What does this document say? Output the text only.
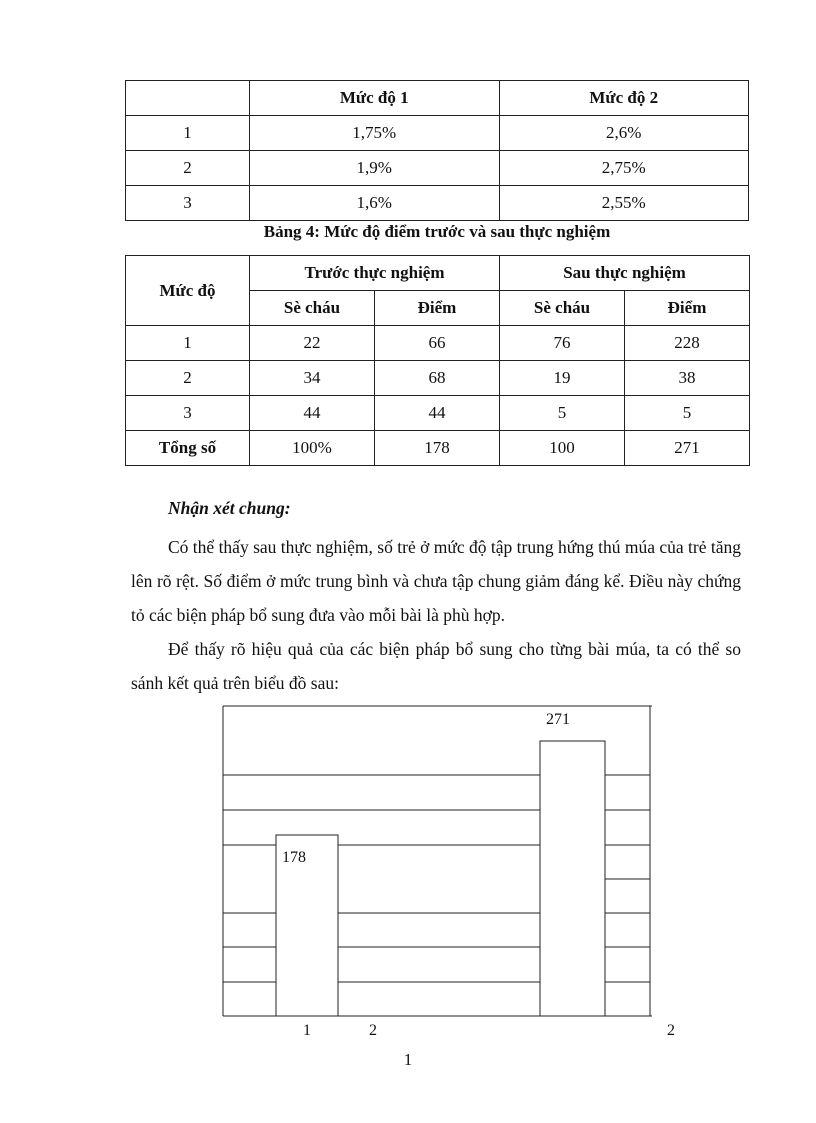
	Mức độ 1	Mức độ 2
1	1,75%	2,6%
2	1,9%	2,75%
3	1,6%	2,55%
Bảng 4: Mức độ điểm trước và sau thực nghiệm
Mức độ	Trước thực nghiệm		Sau thực nghiệm	
	Sè cháu	Điểm	Sè cháu	Điểm
1	22	66	76	228
2	34	68	19	38
3	44	44	5	5
Tổng số	100%	178	100	271
Nhận xét chung:
Có thể thấy sau thực nghiệm, số trẻ ở mức độ tập trung hứng thú múa của trẻ tăng lên rõ rệt. Số điểm ở mức trung bình và chưa tập chung giảm đáng kể. Điều này chứng tỏ các biện pháp bổ sung đưa vào mỗi bài là phù hợp.
Để thấy rõ hiệu quả của các biện pháp bổ sung cho từng bài múa, ta có thể so sánh kết quả trên biểu đồ sau:
178
271
1	2	2
1
